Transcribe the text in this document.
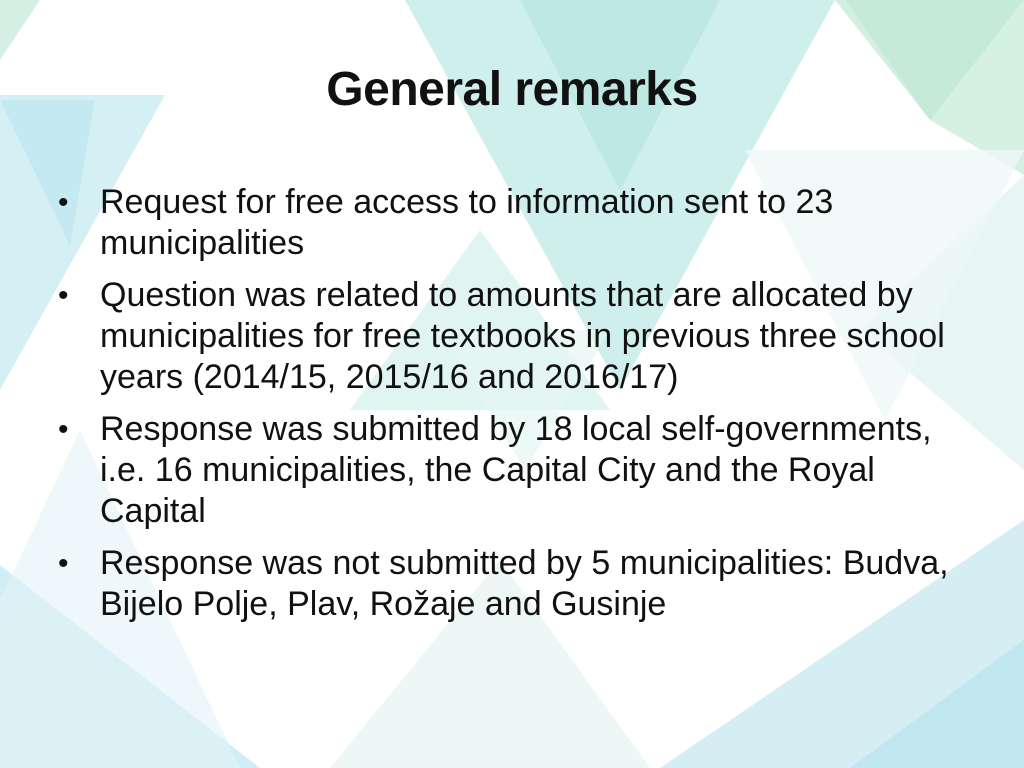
General remarks
• Request for free access to information sent to 23 municipalities
• Question was related to amounts that are allocated by municipalities for free textbooks in previous three school years (2014/15, 2015/16 and 2016/17)
• Response was submitted by 18 local self-governments, i.e. 16 municipalities, the Capital City and the Royal Capital
• Response was not submitted by 5 municipalities: Budva, Bijelo Polje, Plav, Rožaje and Gusinje
